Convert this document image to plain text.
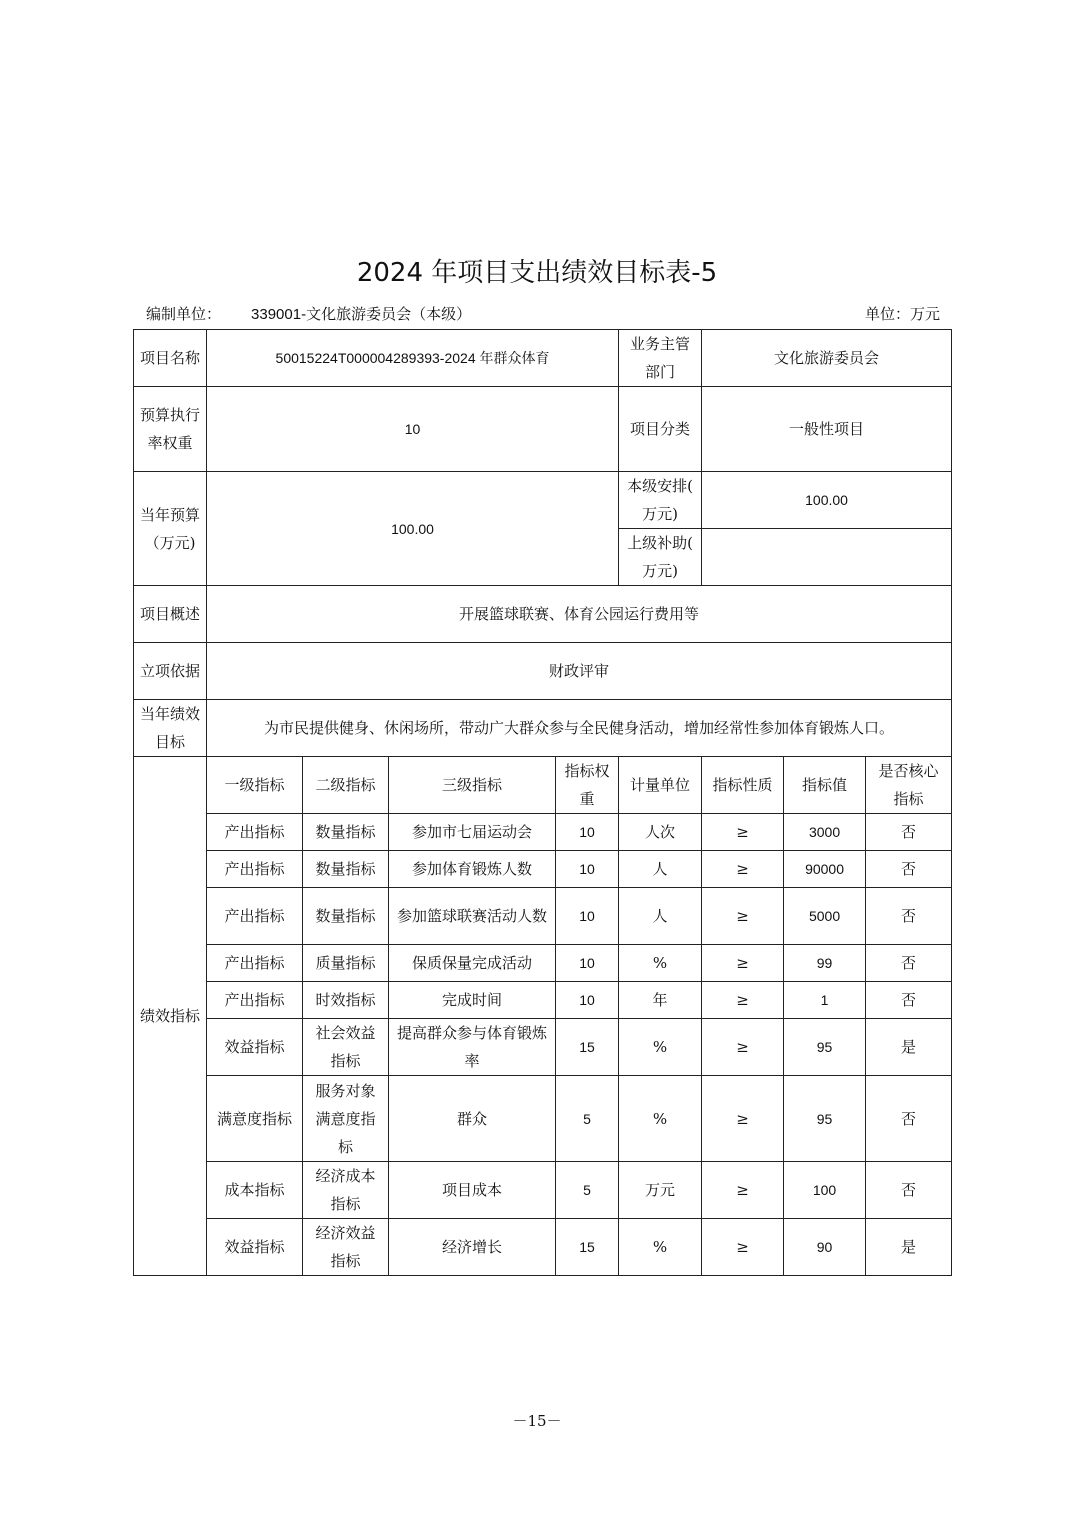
2024 年项目支出绩效目标表-5
编制单位： 339001-文化旅游委员会（本级）	单位：万元
项目名称	50015224T000004289393-2024 年群众体育				业务主管部门	文化旅游委员会		
预算执行率权重	10				项目分类	一般性项目		
当年预算（万元)	100.00				本级安排( 万元)	100.00		
					上级补助( 万元)			
项目概述	开展篮球联赛、体育公园运行费用等							
立项依据	财政评审							
当年绩效目标	为市民提供健身、休闲场所，带动广大群众参与全民健身活动，增加经常性参加体育锻炼人口。							
绩效指标	一级指标	二级指标	三级指标	指标权重	计量单位	指标性质	指标值	是否核心指标
	产出指标	数量指标	参加市七届运动会	10	人次	≥	3000	否
	产出指标	数量指标	参加体育锻炼人数	10	人	≥	90000	否
	产出指标	数量指标	参加篮球联赛活动人数	10	人	≥	5000	否
	产出指标	质量指标	保质保量完成活动	10	%	≥	99	否
	产出指标	时效指标	完成时间	10	年	≥	1	否
	效益指标	社会效益指标	提高群众参与体育锻炼率	15	%	≥	95	是
	满意度指标	服务对象满意度指标	群众	5	%	≥	95	否
	成本指标	经济成本指标	项目成本	5	万元	≥	100	否
	效益指标	经济效益指标	经济增长	15	%	≥	90	是
－15－
